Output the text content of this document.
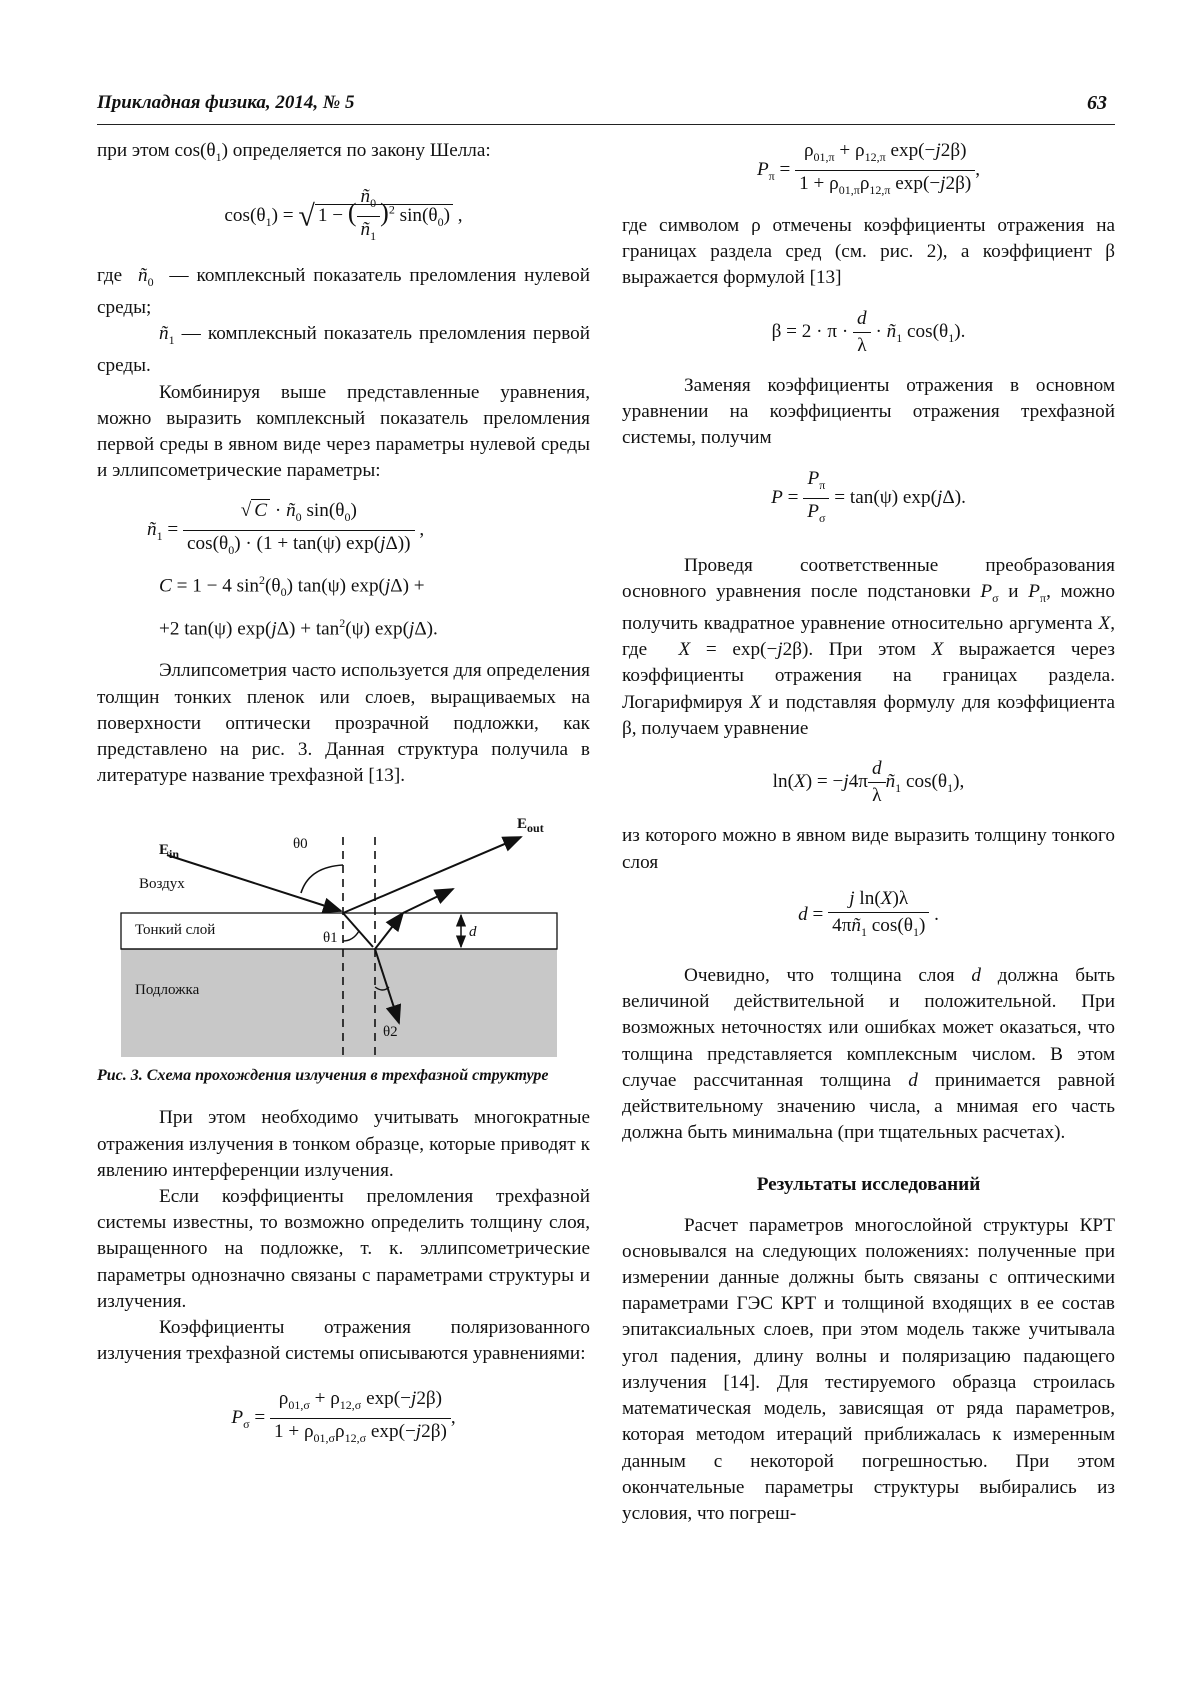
Прикладная физика, 2014, № 5	63

при этом $\cos(\theta_1)$ определяется по закону Шелла:

$\cos(\theta_1)$ = √ 1 − ( $\frac{ñ_0}{ñ_1} )^2$ $\sin(\theta_0)$ ,

где  $ñ_0$  — комплексный показатель преломления нулевой среды;

$ñ_1$ — комплексный показатель преломления первой среды.

Комбинируя выше представленные уравнения, можно выразить комплексный показатель преломления первой среды в явном виде через параметры нулевой среды и эллипсометрические параметры:

$ñ_1 = \frac{√ C \cdot ñ_0 \sin(\theta_0)}{\cos(\theta_0) \cdot (1 + \tan(\psi) \exp(j\Delta))}$ ,
C = 1 − 4 $\sin^2(\theta_0)$ tan(ψ) exp(jΔ) +
+2 tan(ψ) $\exp(j\Delta) + \tan^2(\psi)$ exp(jΔ).

Эллипсометрия часто используется для определения толщин тонких пленок или слоев, выращиваемых на поверхности оптически прозрачной подложки, как представлено на рис. 3. Данная структура получила в литературе название трехфазной [13].

$E_{in}$
$E_{out}$
θ0
Воздух
Тонкий слой	θ1	d
Подложка
θ2

Рис. 3. Схема прохождения излучения в трехфазной структуре

При этом необходимо учитывать многократные отражения излучения в тонком образце, которые приводят к явлению интерференции излучения.

Если коэффициенты преломления трехфазной системы известны, то возможно определить толщину слоя, выращенного на подложке, т. к. эллипсометрические параметры однозначно связаны с параметрами структуры и излучения.

Коэффициенты отражения поляризованного излучения трехфазной системы описываются уравнениями:

$P_\sigma = \frac{\rho_{01,\sigma} + \rho_{12,\sigma} \exp(-j2\beta)}{1 + \rho_{01,\sigma}\rho_{12,\sigma} \exp(-j2\beta)}$ ,
$P_\pi = \frac{\rho_{01,\pi} + \rho_{12,\pi} \exp(-j2\beta)}{1 + \rho_{01,\pi}\rho_{12,\pi} \exp(-j2\beta)}$ ,

где символом ρ отмечены коэффициенты отражения на границах раздела сред (см. рис. 2), а коэффициент β выражается формулой [13]

$\beta = 2 \cdot \pi \cdot \frac{d}{\lambda}$ · $ñ_1$ $\cos(\theta_1)$.

Заменяя коэффициенты отражения в основном уравнении на коэффициенты отражения трехфазной системы, получим

$P = \frac{P_\pi}{P_\sigma} = \tan(\psi)$ exp(jΔ).

Проведя соответственные преобразования основного уравнения после подстановки $P_\sigma$ и $P_\pi$, можно получить квадратное уравнение относительно аргумента X, где  X = exp(−j2β). При этом X выражается через коэффициенты отражения на границах раздела. Логарифмируя X и подставляя формулу для коэффициента β, получаем уравнение

$\ln(X) = -j4\pi \frac{d}{\lambda}$ $ñ_1$ $\cos(\theta_1)$,

из которого можно в явном виде выразить толщину тонкого слоя

$d = \frac{\text{j ln(X)λ}}{4\pi ñ_1 \cos(\theta_1)}$ .

Очевидно, что толщина слоя d должна быть величиной действительной и положительной. При возможных неточностях или ошибках может оказаться, что толщина представляется комплексным числом. В этом случае рассчитанная толщина d принимается равной действительному значению числа, а мнимая его часть должна быть минимальна (при тщательных расчетах).

Результаты исследований

Расчет параметров многослойной структуры КРТ основывался на следующих положениях: полученные при измерении данные должны быть связаны с оптическими параметрами ГЭС КРТ и толщиной входящих в ее состав эпитаксиальных слоев, при этом модель также учитывала угол падения, длину волны и поляризацию падающего излучения [14]. Для тестируемого образца строилась математическая модель, зависящая от ряда параметров, которая методом итераций приближалась к измеренным данным с некоторой погрешностью. При этом окончательные параметры структуры выбирались из условия, что погреш-
